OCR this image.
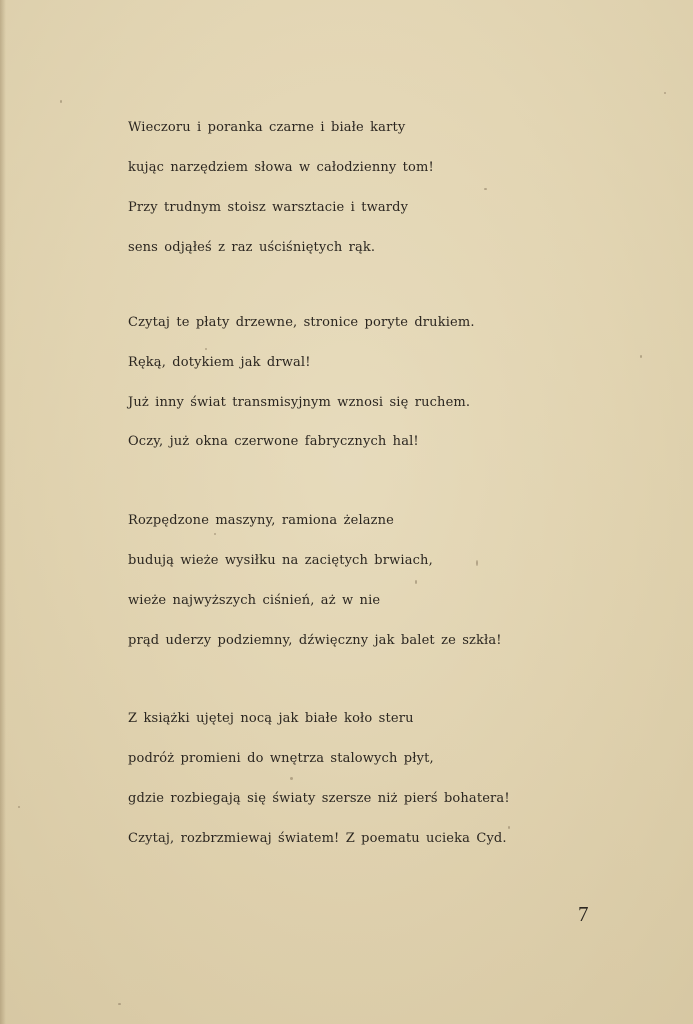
Wieczoru i poranka czarne i białe karty
kując narzędziem słowa w całodzienny tom!
Przy trudnym stoisz warsztacie i twardy
sens odjąłeś z raz uściśniętych rąk.
Czytaj te płaty drzewne, stronice poryte drukiem.
Ręką, dotykiem jak drwal!
Już inny świat transmisyjnym wznosi się ruchem.
Oczy, już okna czerwone fabrycznych hal!
Rozpędzone maszyny, ramiona żelazne
budują wieże wysiłku na zaciętych brwiach,
wieże najwyższych ciśnień, aż w nie
prąd uderzy podziemny, dźwięczny jak balet ze szkła!
Z książki ujętej nocą jak białe koło steru
podróż promieni do wnętrza stalowych płyt,
gdzie rozbiegają się światy szersze niż pierś bohatera!
Czytaj, rozbrzmiewaj światem! Z poematu ucieka Cyd.
7
